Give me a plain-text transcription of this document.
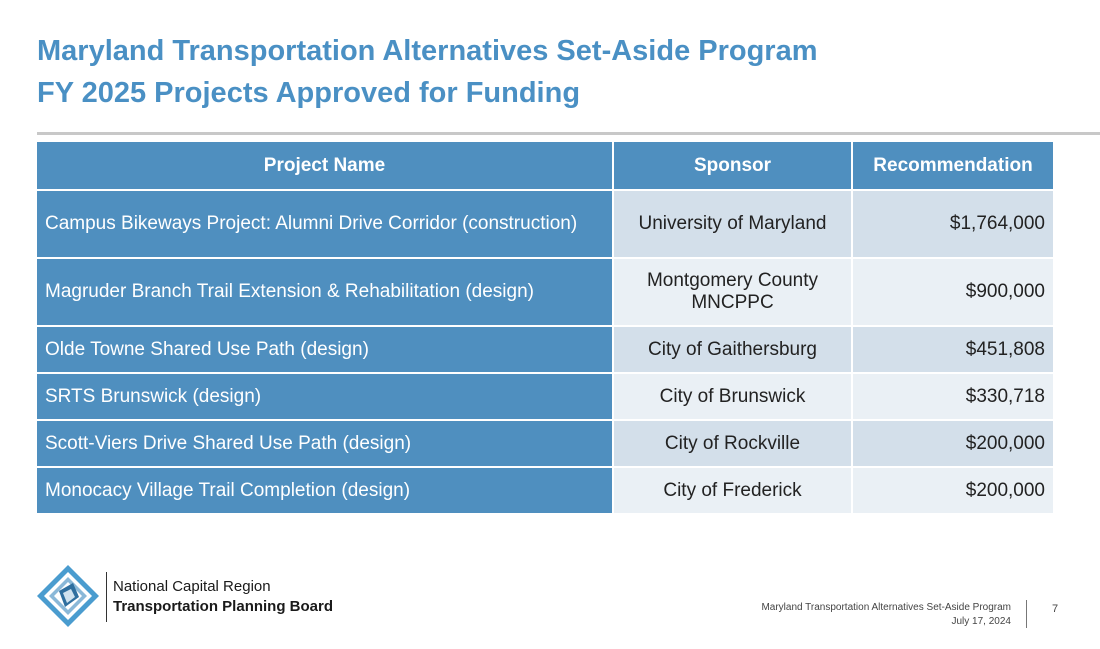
Maryland Transportation Alternatives Set-Aside Program
FY 2025 Projects Approved for Funding
Project Name	Sponsor	Recommendation
Campus Bikeways Project: Alumni Drive Corridor (construction)	University of Maryland	$1,764,000
Magruder Branch Trail Extension & Rehabilitation (design)	Montgomery County MNCPPC	$900,000
Olde Towne Shared Use Path (design)	City of Gaithersburg	$451,808
SRTS Brunswick (design)	City of Brunswick	$330,718
Scott-Viers Drive Shared Use Path (design)	City of Rockville	$200,000
Monocacy Village Trail Completion (design)	City of Frederick	$200,000
National Capital Region
Transportation Planning Board	Maryland Transportation Alternatives Set-Aside Program
July 17, 2024
7
